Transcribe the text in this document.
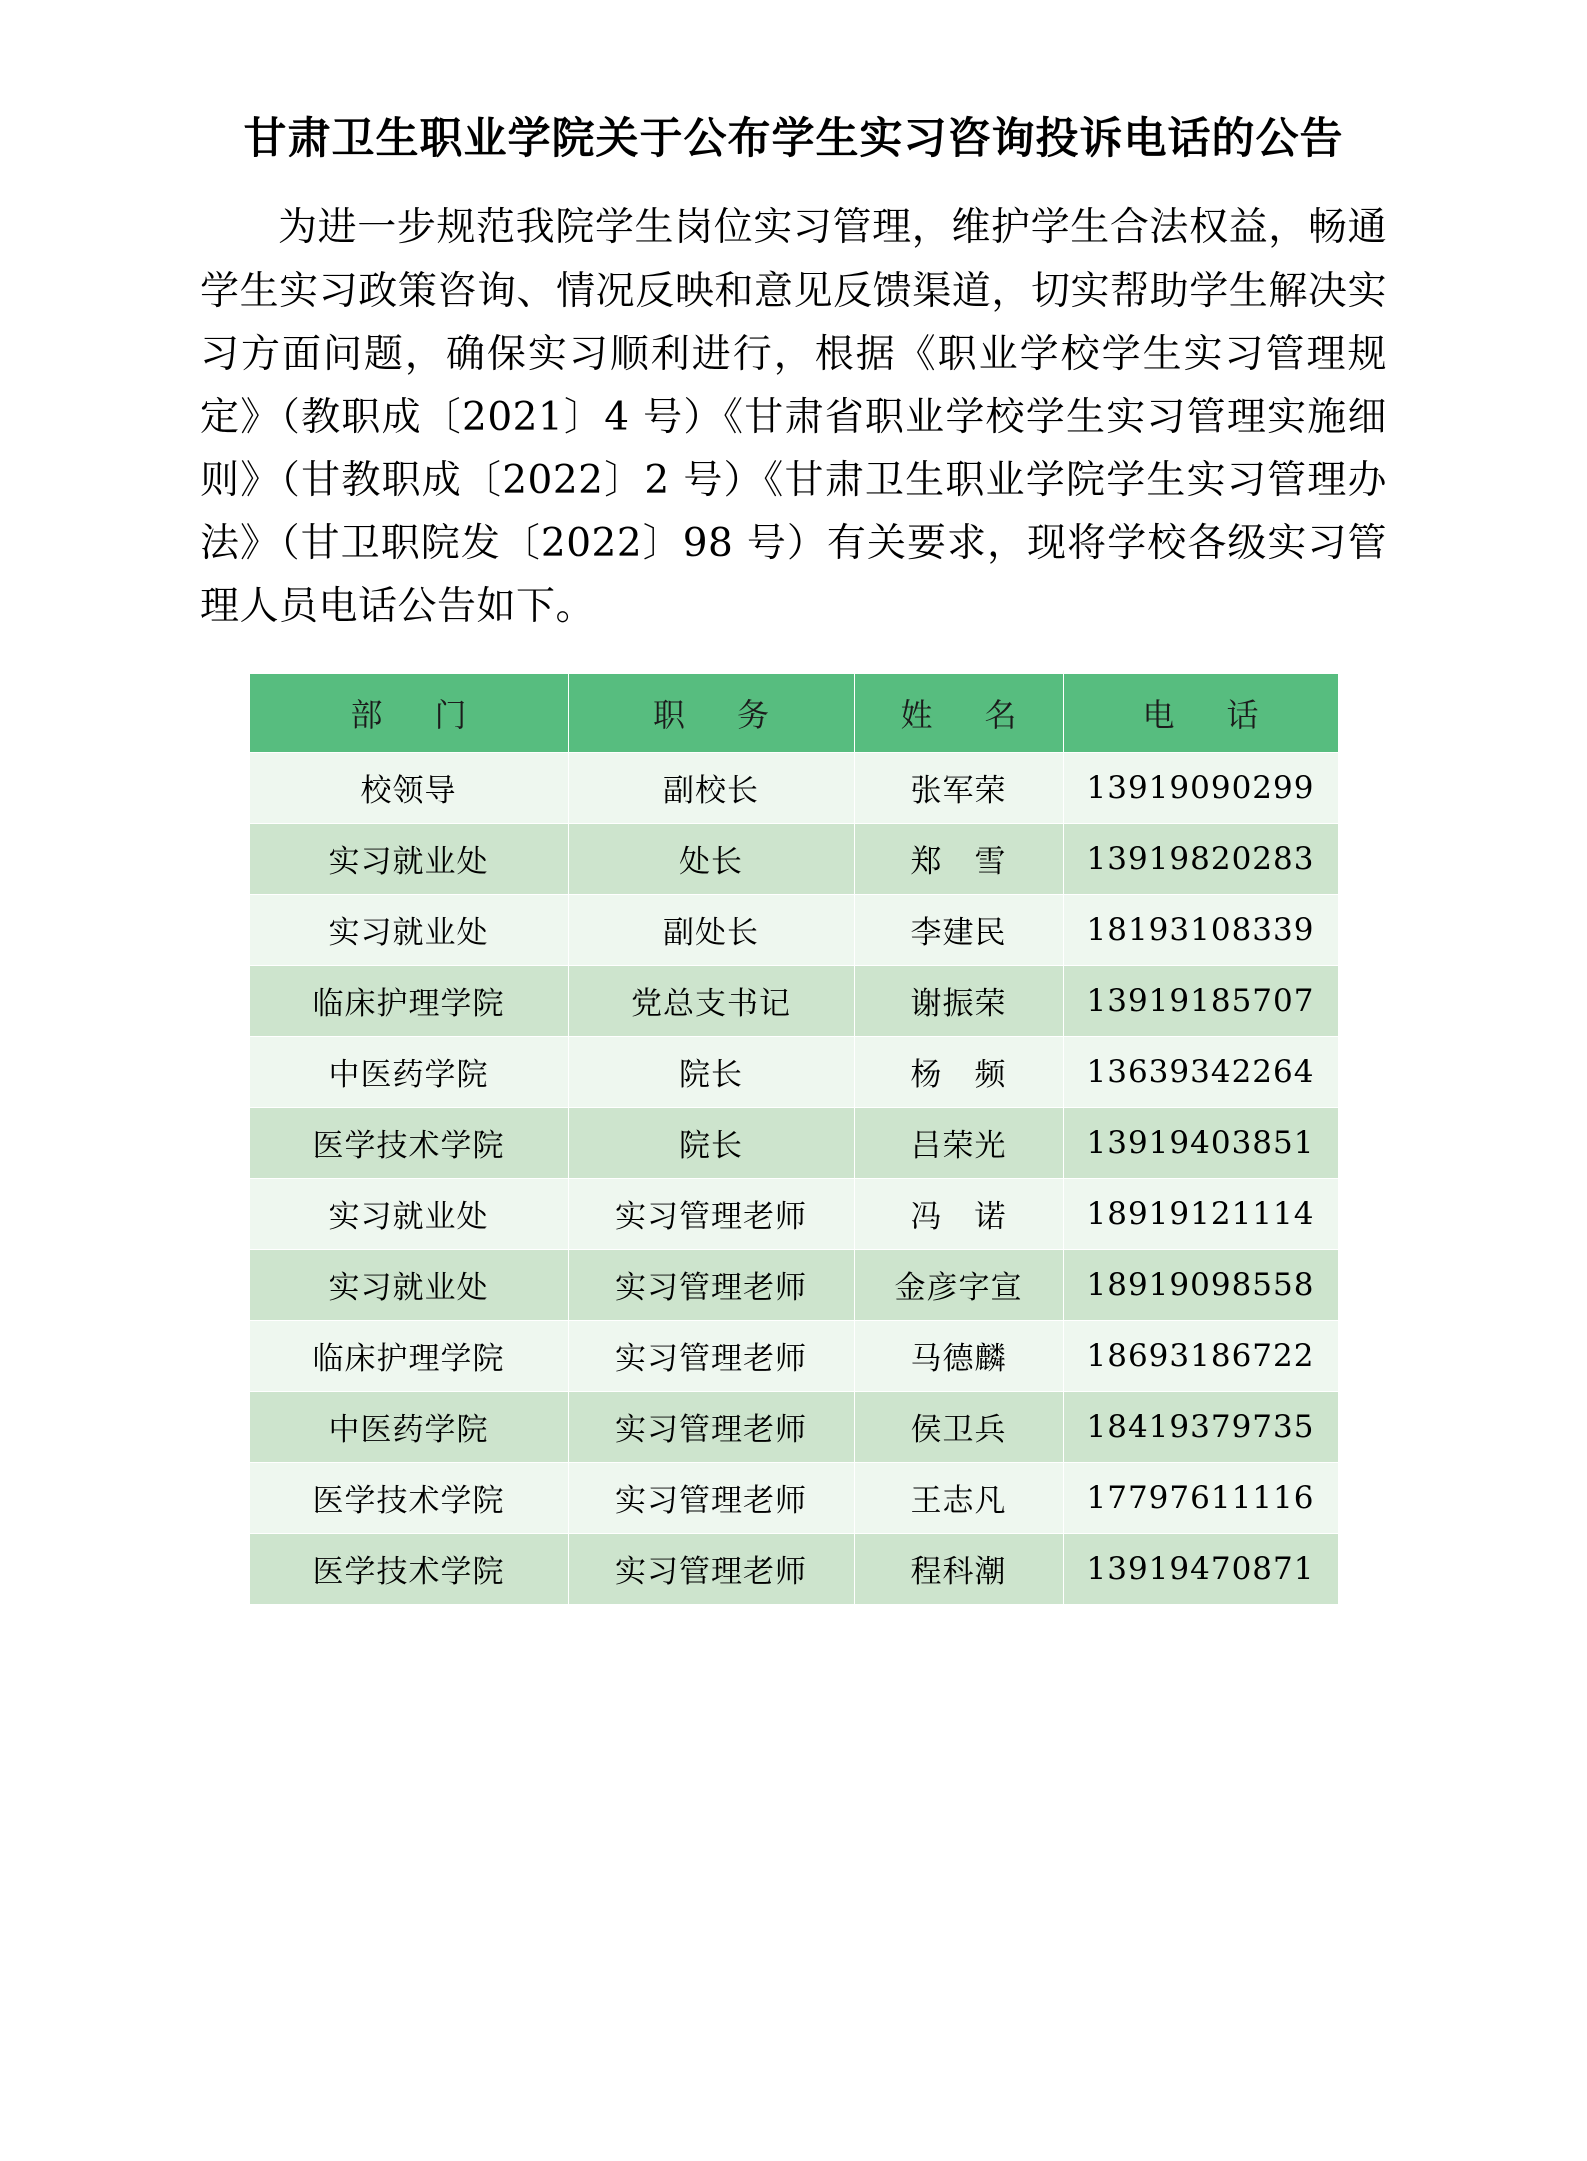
甘肃卫生职业学院关于公布学生实习咨询投诉电话的公告

为进一步规范我院学生岗位实习管理，维护学生合法权益，畅通学生实习政策咨询、情况反映和意见反馈渠道，切实帮助学生解决实习方面问题，确保实习顺利进行，根据《职业学校学生实习管理规定》（教职成〔2021〕4 号）《甘肃省职业学校学生实习管理实施细则》（甘教职成〔2022〕2 号）《甘肃卫生职业学院学生实习管理办法》（甘卫职院发〔2022〕98 号）有关要求，现将学校各级实习管理人员电话公告如下。

部　门	职　务	姓　名	电　话
校领导	副校长	张军荣	13919090299
实习就业处	处长	郑　雪	13919820283
实习就业处	副处长	李建民	18193108339
临床护理学院	党总支书记	谢振荣	13919185707
中医药学院	院长	杨　频	13639342264
医学技术学院	院长	吕荣光	13919403851
实习就业处	实习管理老师	冯　诺	18919121114
实习就业处	实习管理老师	金彦字宣	18919098558
临床护理学院	实习管理老师	马德麟	18693186722
中医药学院	实习管理老师	侯卫兵	18419379735
医学技术学院	实习管理老师	王志凡	17797611116
医学技术学院	实习管理老师	程科潮	13919470871
